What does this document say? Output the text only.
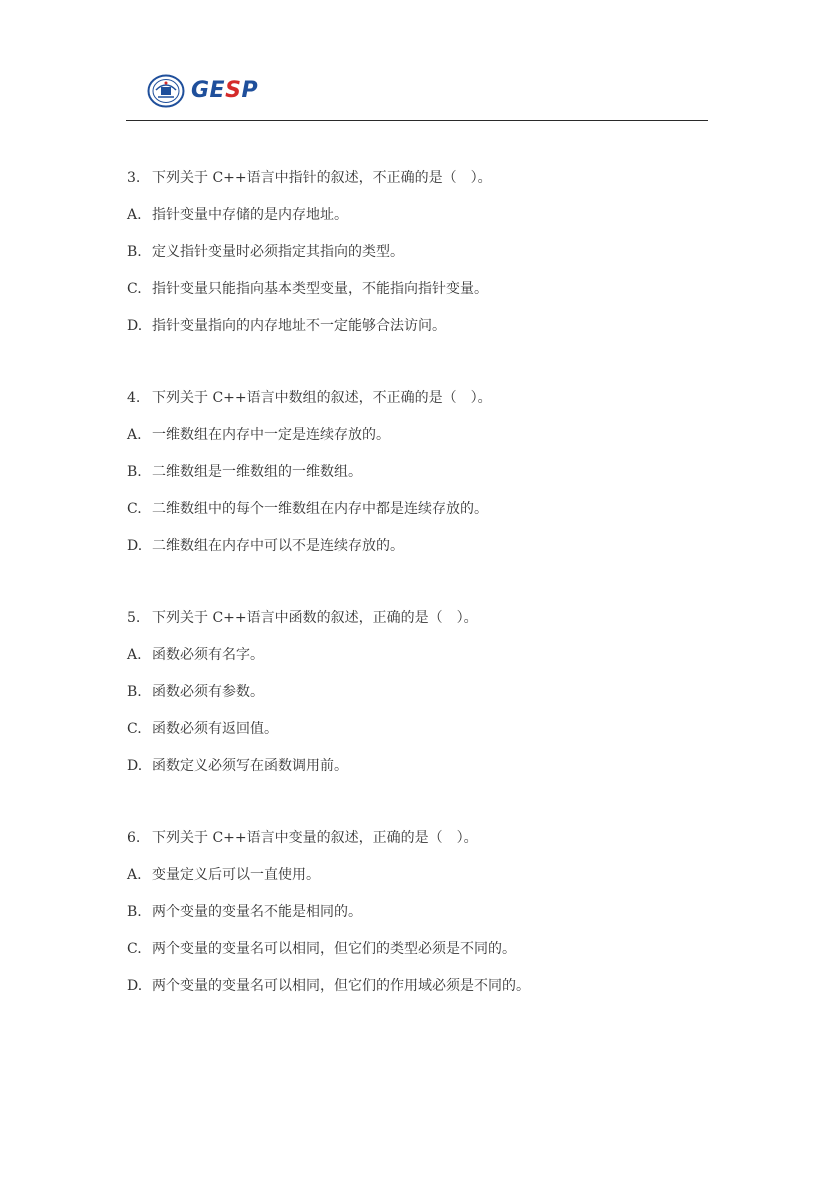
GESP
3. 下列关于 C++语言中指针的叙述，不正确的是（　）。
A. 指针变量中存储的是内存地址。
B. 定义指针变量时必须指定其指向的类型。
C. 指针变量只能指向基本类型变量，不能指向指针变量。
D. 指针变量指向的内存地址不一定能够合法访问。
4. 下列关于 C++语言中数组的叙述，不正确的是（　）。
A. 一维数组在内存中一定是连续存放的。
B. 二维数组是一维数组的一维数组。
C. 二维数组中的每个一维数组在内存中都是连续存放的。
D. 二维数组在内存中可以不是连续存放的。
5. 下列关于 C++语言中函数的叙述，正确的是（　）。
A. 函数必须有名字。
B. 函数必须有参数。
C. 函数必须有返回值。
D. 函数定义必须写在函数调用前。
6. 下列关于 C++语言中变量的叙述，正确的是（　）。
A. 变量定义后可以一直使用。
B. 两个变量的变量名不能是相同的。
C. 两个变量的变量名可以相同，但它们的类型必须是不同的。
D. 两个变量的变量名可以相同，但它们的作用域必须是不同的。
